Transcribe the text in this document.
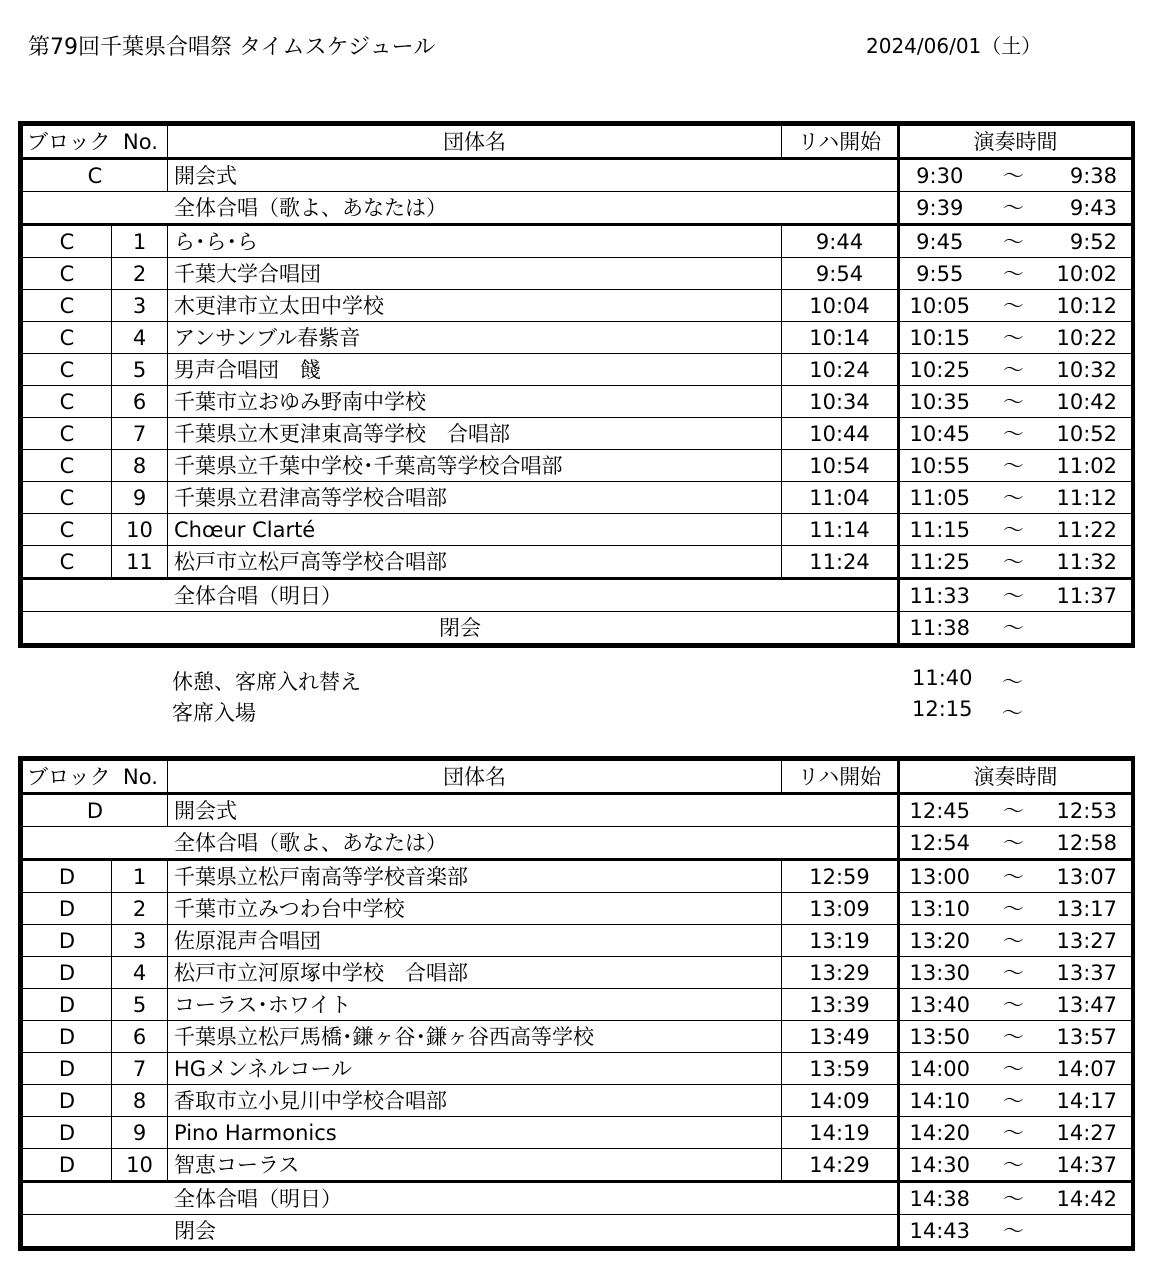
第79回千葉県合唱祭 タイムスケジュール	2024/06/01（土）
ブロック No.		団体名	リハ開始	演奏時間		
C		開会式		9:30	～	9:38
全体合唱（歌よ、あなたは）				9:39	～	9:43
C	1	ら･ら･ら	9:44	9:45	～	9:52
C	2	千葉大学合唱団	9:54	9:55	～	10:02
C	3	木更津市立太田中学校	10:04	10:05	～	10:12
C	4	アンサンブル春紫音	10:14	10:15	～	10:22
C	5	男声合唱団　餞	10:24	10:25	～	10:32
C	6	千葉市立おゆみ野南中学校	10:34	10:35	～	10:42
C	7	千葉県立木更津東高等学校　合唱部	10:44	10:45	～	10:52
C	8	千葉県立千葉中学校･千葉高等学校合唱部	10:54	10:55	～	11:02
C	9	千葉県立君津高等学校合唱部	11:04	11:05	～	11:12
C	10	Chœur Clarté	11:14	11:15	～	11:22
C	11	松戸市立松戸高等学校合唱部	11:24	11:25	～	11:32
全体合唱（明日）				11:33	～	11:37
閉会				11:38	～	
休憩、客席入れ替え	11:40 ～
客席入場	12:15 ～
ブロック No.		団体名	リハ開始	演奏時間		
D		開会式		12:45	～	12:53
全体合唱（歌よ、あなたは）				12:54	～	12:58
D	1	千葉県立松戸南高等学校音楽部	12:59	13:00	～	13:07
D	2	千葉市立みつわ台中学校	13:09	13:10	～	13:17
D	3	佐原混声合唱団	13:19	13:20	～	13:27
D	4	松戸市立河原塚中学校　合唱部	13:29	13:30	～	13:37
D	5	コーラス･ホワイト	13:39	13:40	～	13:47
D	6	千葉県立松戸馬橋･鎌ヶ谷･鎌ヶ谷西高等学校	13:49	13:50	～	13:57
D	7	HGメンネルコール	13:59	14:00	～	14:07
D	8	香取市立小見川中学校合唱部	14:09	14:10	～	14:17
D	9	Pino Harmonics	14:19	14:20	～	14:27
D	10	智恵コーラス	14:29	14:30	～	14:37
全体合唱（明日）				14:38	～	14:42
閉会				14:43	～	
